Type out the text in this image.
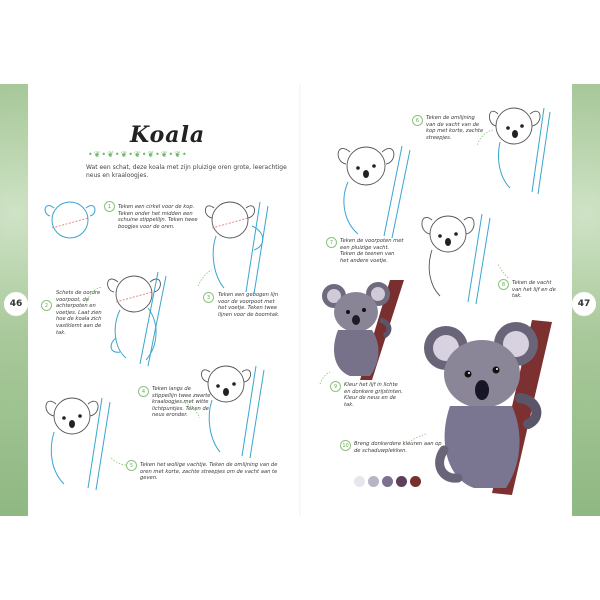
46	47
Koala
•❦•❦•❦•❦•❦•❦•❦•
Wat een schat, deze koala met zijn pluizige oren grote, leerachtige neus en kraaloogjes.
Teken een cirkel voor de kop. Teken onder het midden een schuine stippellijn. Teken twee boogjes voor de oren.
1
Schets de oordre voorpoot, de achterpoten en voetjes. Laat zien hoe de koala zich vastklemt aan de tak.
2
Teken een gebogen lijn voor de voorpoot met het voetje. Teken twee lijnen voor de boomtak.
3
Teken langs de stippellijn twee zwarte kraaloogjes met witte lichtpuntjes. Teken de neus eronder.
4
Teken het wollige vachtje. Teken de omlijning van de oren met korte, zachte streepjes om de vacht aan te geven.
5
Teken de omlijning van de vacht van de kop met korte, zachte streepjes.
6
Teken de voorpoten met een pluizige vacht. Teken de teenen van het andere voetje.
7
Teken de vacht van het lijf en de tak.
8
Kleur het lijf in lichte en donkere grijstinten. Kleur de neus en de tak.
9
Breng donkerdere kleuren aan op de schaduwplekken.
10
